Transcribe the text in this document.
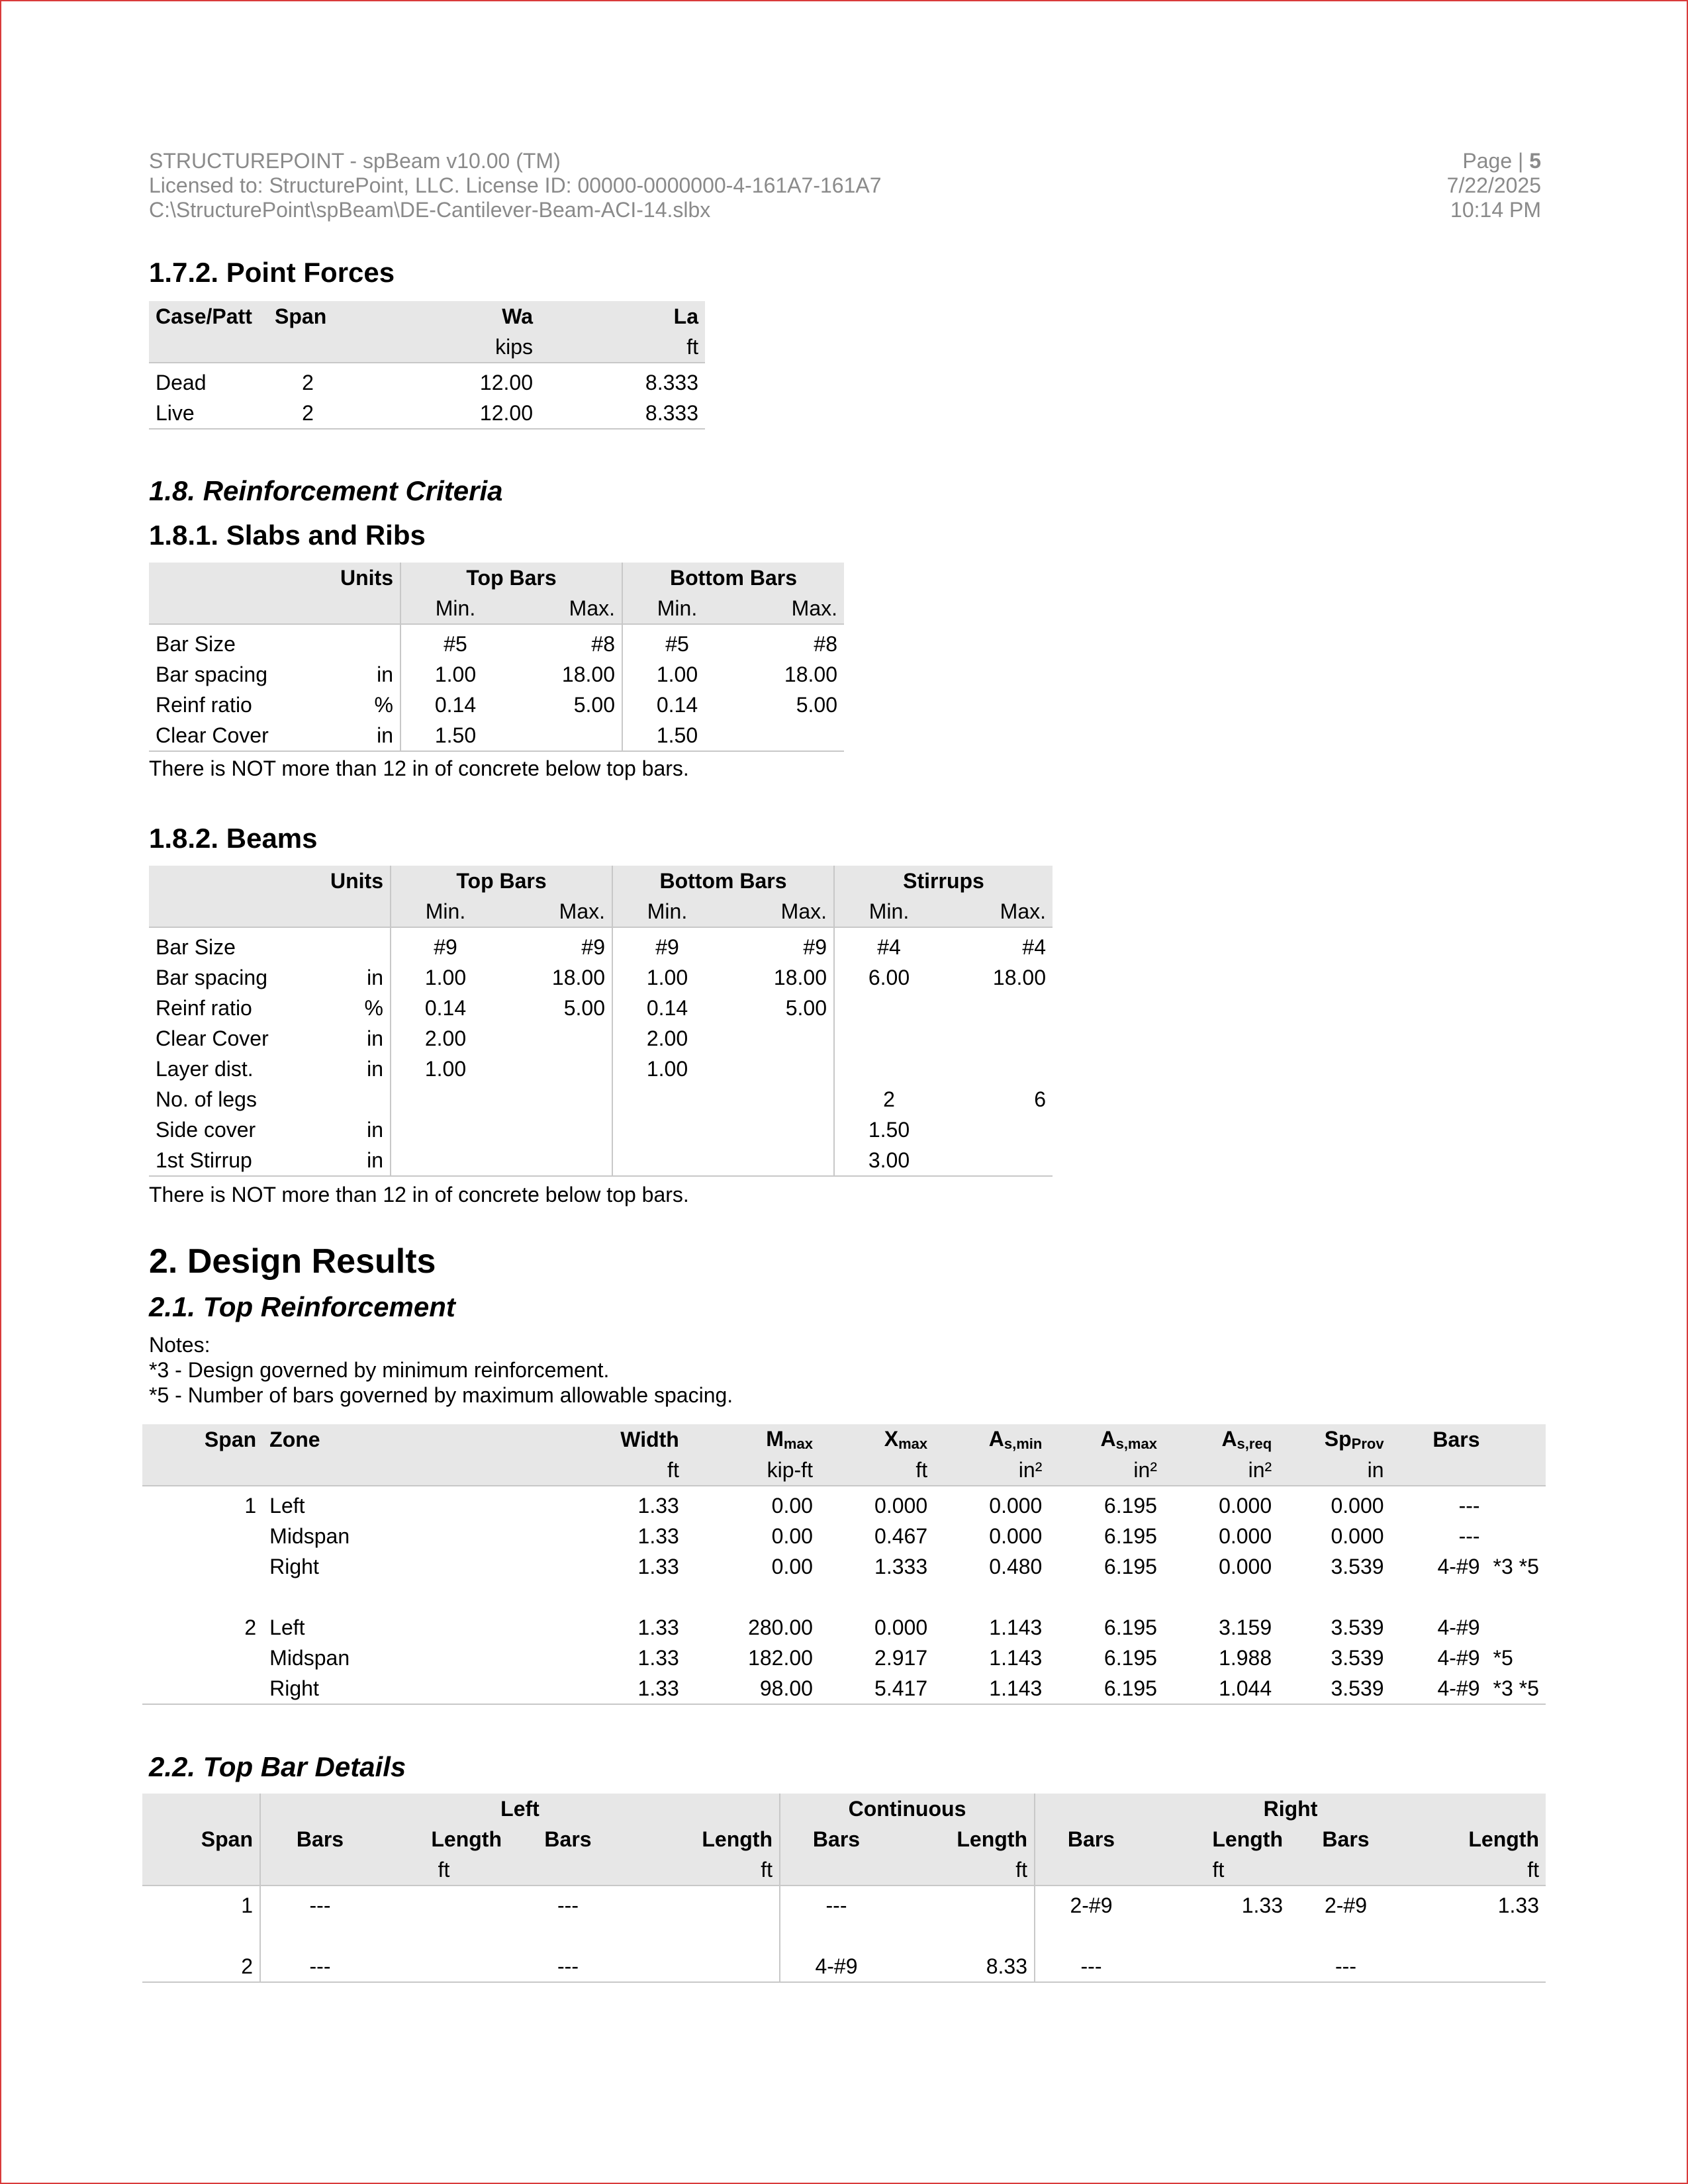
STRUCTUREPOINT - spBeam v10.00 (TM)
Licensed to: StructurePoint, LLC. License ID: 00000-0000000-4-161A7-161A7
C:\StructurePoint\spBeam\DE-Cantilever-Beam-ACI-14.slbx
Page | 5
7/22/2025
10:14 PM
1.7.2. Point Forces
Case/Patt	Span	Wa	La
		kips	ft
Dead	2	12.00	8.333
Live	2	12.00	8.333
1.8. Reinforcement Criteria
1.8.1. Slabs and Ribs
	Units	Top Bars		Bottom Bars	
		Min.	Max.	Min.	Max.
Bar Size		#5	#8	#5	#8
Bar spacing	in	1.00	18.00	1.00	18.00
Reinf ratio	%	0.14	5.00	0.14	5.00
Clear Cover	in	1.50		1.50	
There is NOT more than 12 in of concrete below top bars.
1.8.2. Beams
	Units	Top Bars		Bottom Bars		Stirrups	
		Min.	Max.	Min.	Max.	Min.	Max.
Bar Size		#9	#9	#9	#9	#4	#4
Bar spacing	in	1.00	18.00	1.00	18.00	6.00	18.00
Reinf ratio	%	0.14	5.00	0.14	5.00		
Clear Cover	in	2.00		2.00			
Layer dist.	in	1.00		1.00			
No. of legs						2	6
Side cover	in					1.50	
1st Stirrup	in					3.00	
There is NOT more than 12 in of concrete below top bars.
2. Design Results
2.1. Top Reinforcement
Notes:
*3 - Design governed by minimum reinforcement.
*5 - Number of bars governed by maximum allowable spacing.
Span	Zone	Width	$M_{max}$	$X_{max}$	$A_{s,min}$	$A_{s,max}$	$A_{s,req}$	$Sp_{Prov}$	Bars	
		ft	kip-ft	ft	in²	in²	in²	in		
1	Left	1.33	0.00	0.000	0.000	6.195	0.000	0.000	---	
	Midspan	1.33	0.00	0.467	0.000	6.195	0.000	0.000	---	
	Right	1.33	0.00	1.333	0.480	6.195	0.000	3.539	4-#9	*3 *5

2	Left	1.33	280.00	0.000	1.143	6.195	3.159	3.539	4-#9	
	Midspan	1.33	182.00	2.917	1.143	6.195	1.988	3.539	4-#9	*5
	Right	1.33	98.00	5.417	1.143	6.195	1.044	3.539	4-#9	*3 *5
2.2. Top Bar Details
	Left				Continuous		Right			
Span	Bars	Length	Bars	Length	Bars	Length	Bars	Length	Bars	Length
		ft		ft		ft		ft		ft
1	---		---		---		2-#9	1.33	2-#9	1.33

2	---		---		4-#9	8.33	---		---	
